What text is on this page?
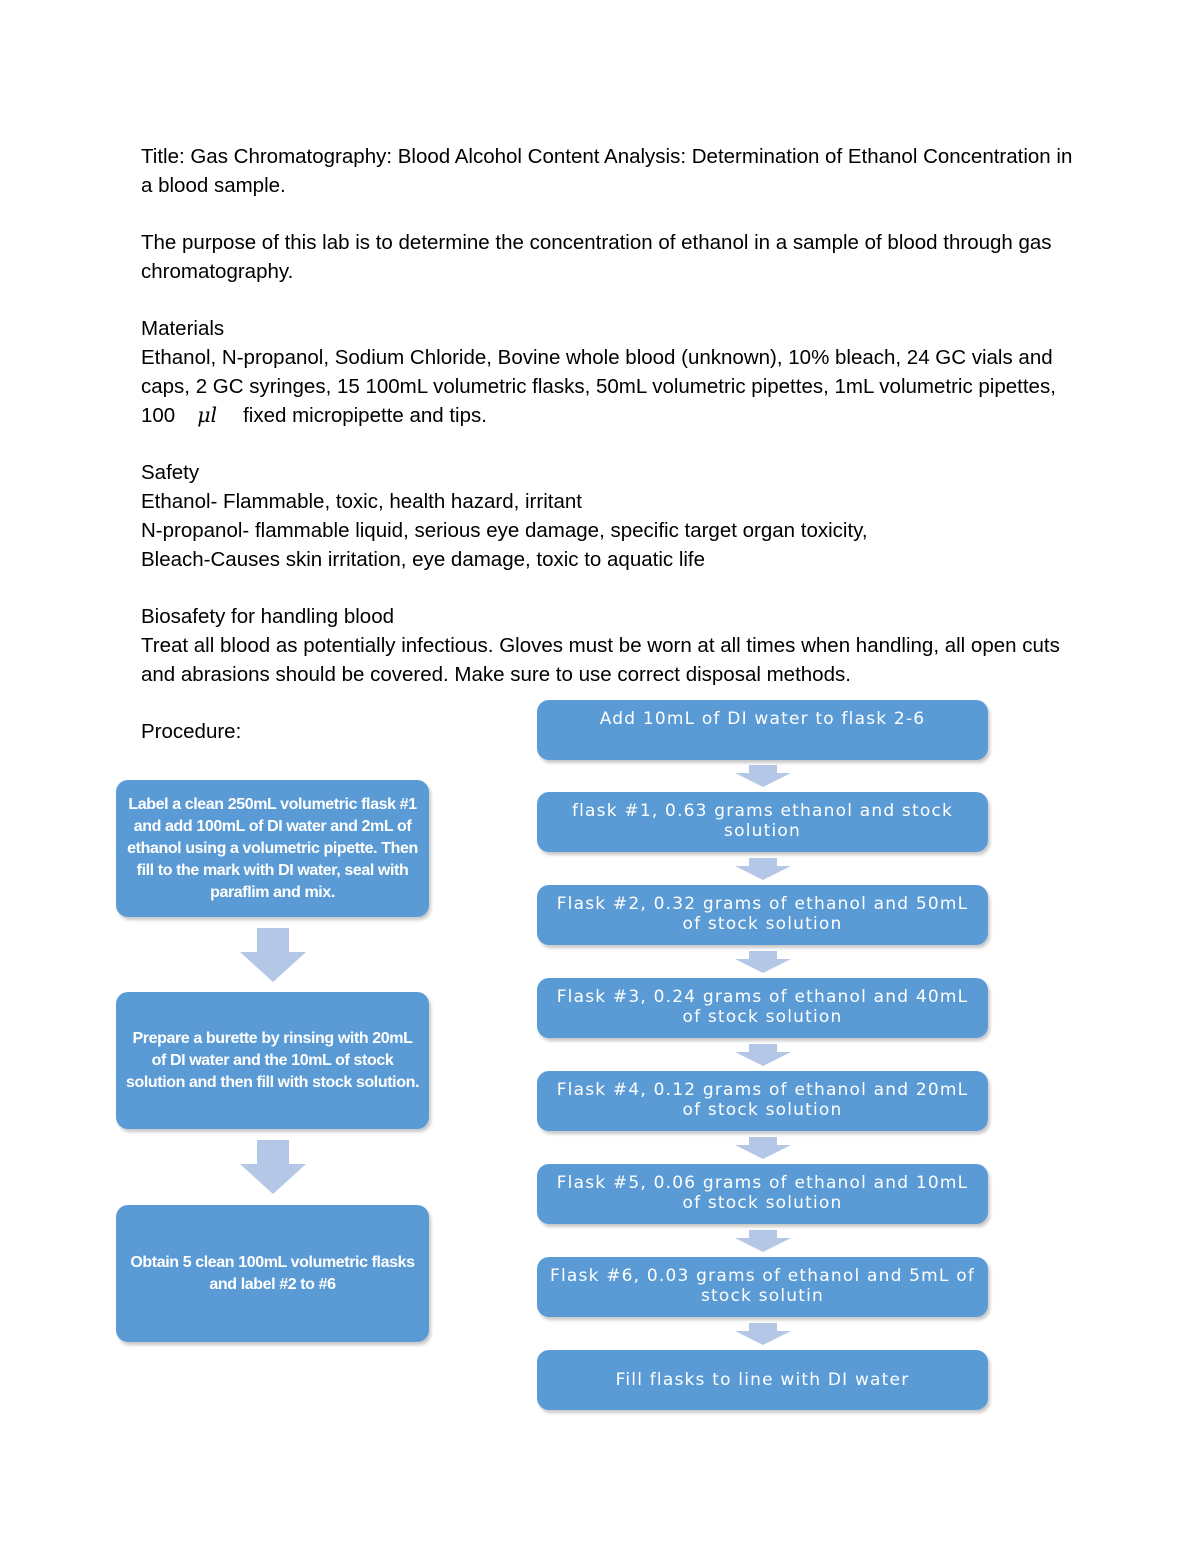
Title: Gas Chromatography: Blood Alcohol Content Analysis: Determination of Ethanol Concentration in a blood sample.

The purpose of this lab is to determine the concentration of ethanol in a sample of blood through gas chromatography.

Materials

Ethanol, N-propanol, Sodium Chloride, Bovine whole blood (unknown), 10% bleach, 24 GC vials and caps, 2 GC syringes, 15 100mL volumetric flasks, 50mL volumetric pipettes, 1mL volumetric pipettes, 100 μl fixed micropipette and tips.

Safety

Ethanol- Flammable, toxic, health hazard, irritant

N-propanol- flammable liquid, serious eye damage, specific target organ toxicity,

Bleach-Causes skin irritation, eye damage, toxic to aquatic life

Biosafety for handling blood

Treat all blood as potentially infectious. Gloves must be worn at all times when handling, all open cuts and abrasions should be covered. Make sure to use correct disposal methods.

Procedure:
Label a clean 250mL volumetric flask #1 and add 100mL of DI water and 2mL of ethanol using a volumetric pipette. Then fill to the mark with DI water, seal with paraflim and mix.
Prepare a burette by rinsing with 20mL of DI water and the 10mL of stock solution and then fill with stock solution.
Obtain 5 clean 100mL volumetric flasks and label #2 to #6
Add 10mL of DI water to flask 2-6
flask #1, 0.63 grams ethanol and stock solution
Flask #2, 0.32 grams of ethanol and 50mL of stock solution
Flask #3, 0.24 grams of ethanol and 40mL of stock solution
Flask #4, 0.12 grams of ethanol and 20mL of stock solution
Flask #5, 0.06 grams of ethanol and 10mL of stock solution
Flask #6, 0.03 grams of ethanol and 5mL of stock solutin
Fill flasks to line with DI water
